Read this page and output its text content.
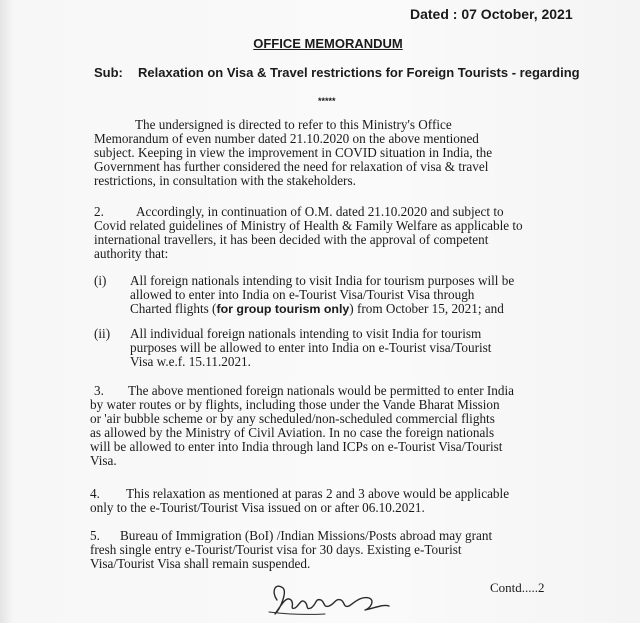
Dated : 07 October, 2021
OFFICE MEMORANDUM
Sub:	Relaxation on Visa & Travel restrictions for Foreign Tourists - regarding
*****
The undersigned is directed to refer to this Ministry's Office
Memorandum of even number dated 21.10.2020 on the above mentioned
subject. Keeping in view the improvement in COVID situation in India, the
Government has further considered the need for relaxation of visa & travel
restrictions, in consultation with the stakeholders.
2. Accordingly, in continuation of O.M. dated 21.10.2020 and subject to
Covid related guidelines of Ministry of Health & Family Welfare as applicable to
international travellers, it has been decided with the approval of competent
authority that:
(i) All foreign nationals intending to visit India for tourism purposes will be
allowed to enter into India on e-Tourist Visa/Tourist Visa through
Charted flights (for group tourism only) from October 15, 2021; and
(ii) All individual foreign nationals intending to visit India for tourism
purposes will be allowed to enter into India on e-Tourist visa/Tourist
Visa w.e.f. 15.11.2021.
3. The above mentioned foreign nationals would be permitted to enter India
by water routes or by flights, including those under the Vande Bharat Mission
or 'air bubble scheme or by any scheduled/non-scheduled commercial flights
as allowed by the Ministry of Civil Aviation. In no case the foreign nationals
will be allowed to enter into India through land ICPs on e-Tourist Visa/Tourist
Visa.
4. This relaxation as mentioned at paras 2 and 3 above would be applicable
only to the e-Tourist/Tourist Visa issued on or after 06.10.2021.
5. Bureau of Immigration (BoI) /Indian Missions/Posts abroad may grant
fresh single entry e-Tourist/Tourist visa for 30 days. Existing e-Tourist
Visa/Tourist Visa shall remain suspended.
Contd.....2
